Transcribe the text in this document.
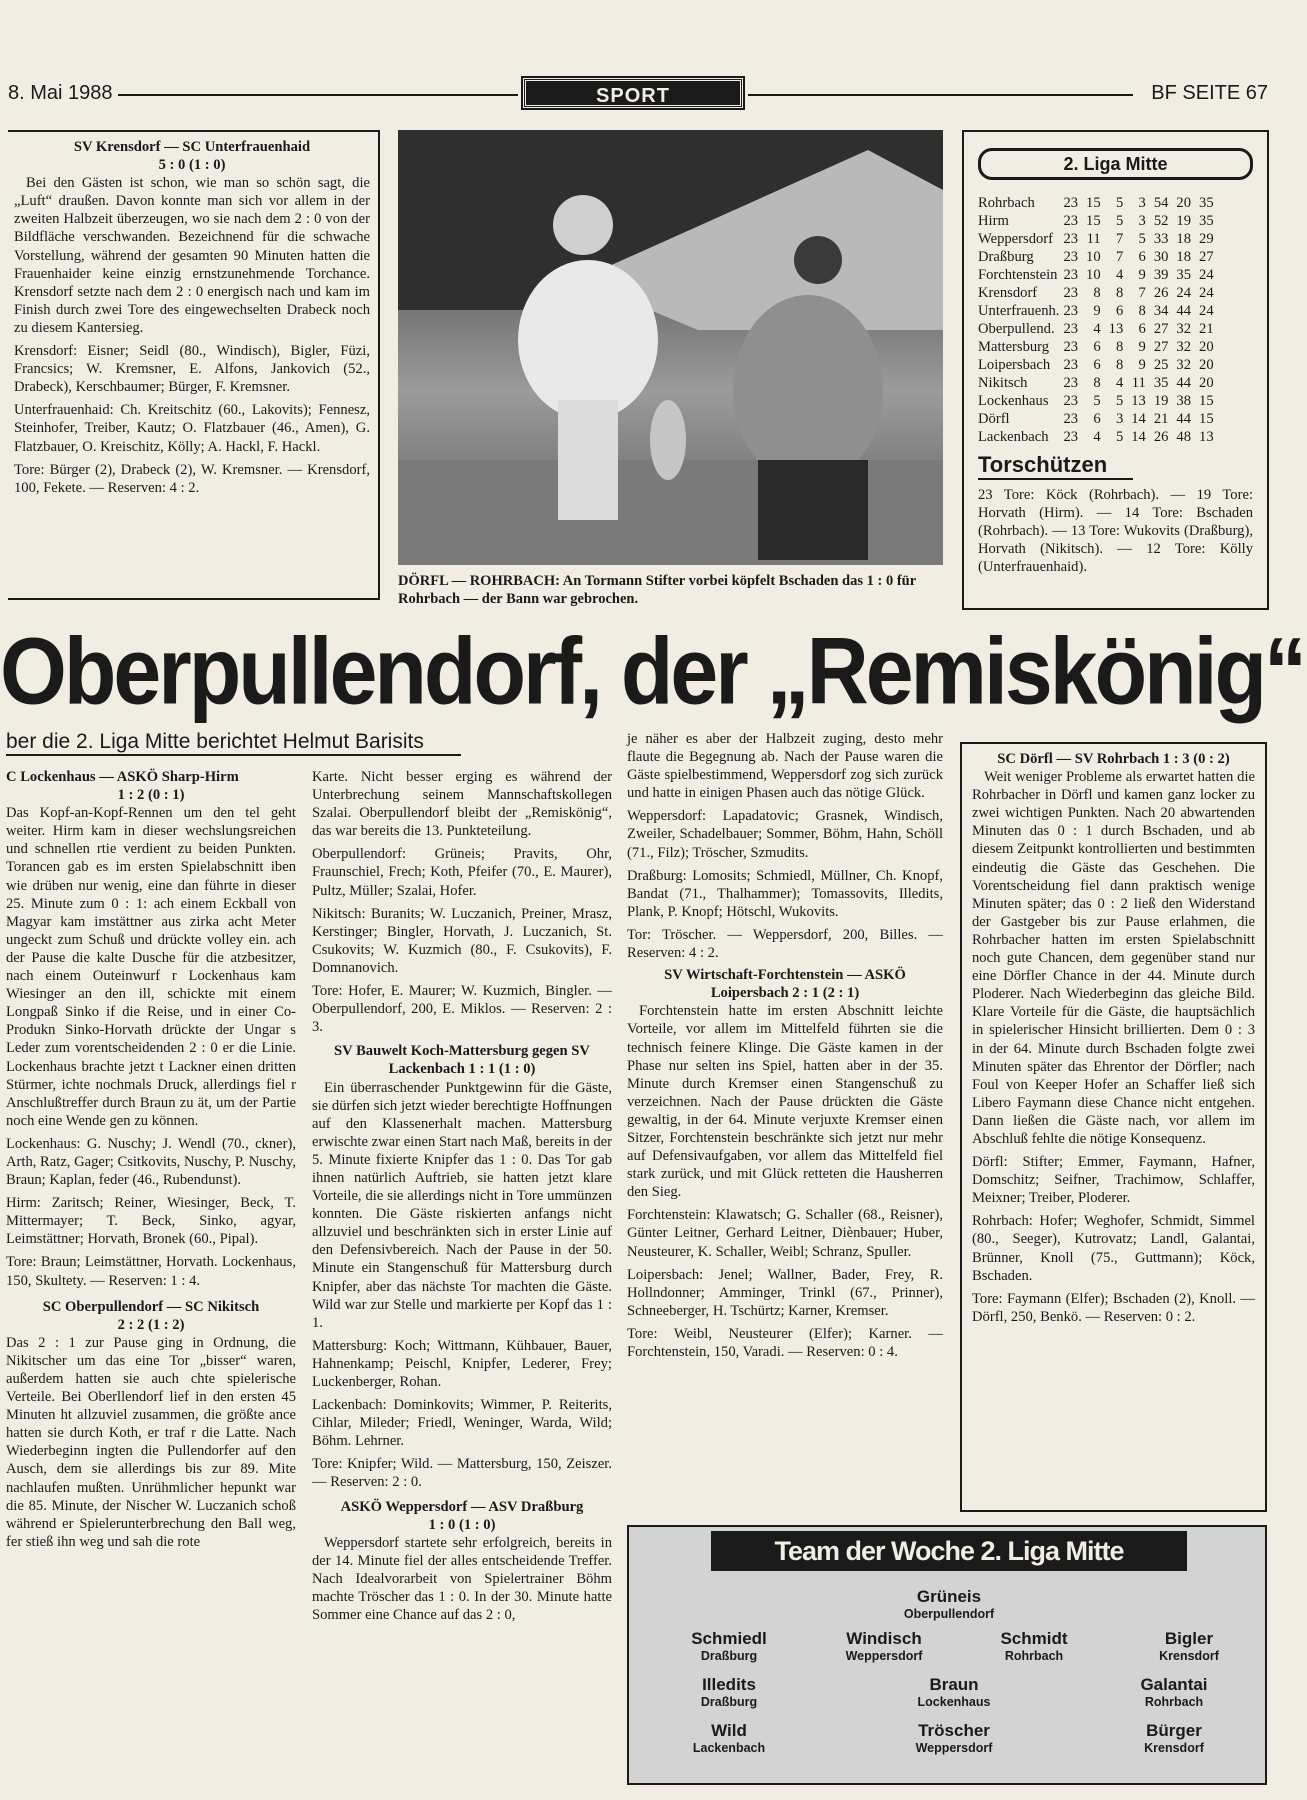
8. Mai 1988	SPORT	BF SEITE 67
SV Krensdorf — SC Unterfrauenhaid
5 : 0 (1 : 0)

Bei den Gästen ist schon, wie man so schön sagt, die „Luft“ draußen. Davon konnte man sich vor allem in der zweiten Halbzeit überzeugen, wo sie nach dem 2 : 0 von der Bildfläche verschwanden. Bezeichnend für die schwache Vorstellung, während der gesamten 90 Minuten hatten die Frauenhaider keine einzig ernstzunehmende Torchance. Krensdorf setzte nach dem 2 : 0 energisch nach und kam im Finish durch zwei Tore des eingewechselten Drabeck noch zu diesem Kantersieg.

Krensdorf: Eisner; Seidl (80., Windisch), Bigler, Füzi, Francsics; W. Kremsner, E. Alfons, Jankovich (52., Drabeck), Kerschbaumer; Bürger, F. Kremsner.

Unterfrauenhaid: Ch. Kreitschitz (60., Lakovits); Fennesz, Steinhofer, Treiber, Kautz; O. Flatzbauer (46., Amen), G. Flatzbauer, O. Kreischitz, Kölly; A. Hackl, F. Hackl.

Tore: Bürger (2), Drabeck (2), W. Kremsner. — Krensdorf, 100, Fekete. — Reserven: 4 : 2.

DÖRFL — ROHRBACH: An Tormann Stifter vorbei köpfelt Bschaden das 1 : 0 für Rohrbach — der Bann war gebrochen.
2. Liga Mitte
Rohrbach	23	15	5	3	54	20	35
Hirm	23	15	5	3	52	19	35
Weppersdorf	23	11	7	5	33	18	29
Draßburg	23	10	7	6	30	18	27
Forchtenstein	23	10	4	9	39	35	24
Krensdorf	23	8	8	7	26	24	24
Unterfrauenh.	23	9	6	8	34	44	24
Oberpullend.	23	4	13	6	27	32	21
Mattersburg	23	6	8	9	27	32	20
Loipersbach	23	6	8	9	25	32	20
Nikitsch	23	8	4	11	35	44	20
Lockenhaus	23	5	5	13	19	38	15
Dörfl	23	6	3	14	21	44	15
Lackenbach	23	4	5	14	26	48	13
Torschützen

23 Tore: Köck (Rohrbach). — 19 Tore: Horvath (Hirm). — 14 Tore: Bschaden (Rohrbach). — 13 Tore: Wukovits (Draßburg), Horvath (Nikitsch). — 12 Tore: Kölly (Unterfrauenhaid).

Oberpullendorf, der „Remiskönig“
ber die 2. Liga Mitte berichtet Helmut Barisits
C Lockenhaus — ASKÖ Sharp-Hirm
1 : 2 (0 : 1)

Das Kopf-an-Kopf-Rennen um den tel geht weiter. Hirm kam in dieser wechslungsreichen und schnellen rtie verdient zu beiden Punkten. Torancen gab es im ersten Spielabschnitt iben wie drüben nur wenig, eine dan führte in dieser 25. Minute zum 0 : 1: ach einem Eckball von Magyar kam imstättner aus zirka acht Meter ungeckt zum Schuß und drückte volley ein. ach der Pause die kalte Dusche für die atzbesitzer, nach einem Outeinwurf r Lockenhaus kam Wiesinger an den ill, schickte mit einem Longpaß Sinko if die Reise, und in einer Co-Produkn Sinko-Horvath drückte der Ungar s Leder zum vorentscheidenden 2 : 0 er die Linie. Lockenhaus brachte jetzt t Lackner einen dritten Stürmer, ichte nochmals Druck, allerdings fiel r Anschlußtreffer durch Braun zu ät, um der Partie noch eine Wende gen zu können.

Lockenhaus: G. Nuschy; J. Wendl (70., ckner), Arth, Ratz, Gager; Csitkovits, Nuschy, P. Nuschy, Braun; Kaplan, feder (46., Rubendunst).

Hirm: Zaritsch; Reiner, Wiesinger, Beck, T. Mittermayer; T. Beck, Sinko, agyar, Leimstättner; Horvath, Bronek (60., Pipal).

Tore: Braun; Leimstättner, Horvath. Lockenhaus, 150, Skultety. — Reserven: 1 : 4.

SC Oberpullendorf — SC Nikitsch
2 : 2 (1 : 2)

Das 2 : 1 zur Pause ging in Ordnung, die Nikitscher um das eine Tor „bisser“ waren, außerdem hatten sie auch chte spielerische Verteile. Bei Oberllendorf lief in den ersten 45 Minuten ht allzuviel zusammen, die größte ance hatten sie durch Koth, er traf r die Latte. Nach Wiederbeginn ingten die Pullendorfer auf den Ausch, dem sie allerdings bis zur 89. Mite nachlaufen mußten. Unrühmlicher hepunkt war die 85. Minute, der Nischer W. Luczanich schoß während er Spielerunterbrechung den Ball weg, fer stieß ihn weg und sah die rote

Karte. Nicht besser erging es während der Unterbrechung seinem Mannschaftskollegen Szalai. Oberpullendorf bleibt der „Remiskönig“, das war bereits die 13. Punkteteilung.

Oberpullendorf: Grüneis; Pravits, Ohr, Fraunschiel, Frech; Koth, Pfeifer (70., E. Maurer), Pultz, Müller; Szalai, Hofer.

Nikitsch: Buranits; W. Luczanich, Preiner, Mrasz, Kerstinger; Bingler, Horvath, J. Luczanich, St. Csukovits; W. Kuzmich (80., F. Csukovits), F. Domnanovich.

Tore: Hofer, E. Maurer; W. Kuzmich, Bingler. — Oberpullendorf, 200, E. Miklos. — Reserven: 2 : 3.

SV Bauwelt Koch-Mattersburg gegen SV Lackenbach 1 : 1 (1 : 0)

Ein überraschender Punktgewinn für die Gäste, sie dürfen sich jetzt wieder berechtigte Hoffnungen auf den Klassenerhalt machen. Mattersburg erwischte zwar einen Start nach Maß, bereits in der 5. Minute fixierte Knipfer das 1 : 0. Das Tor gab ihnen natürlich Auftrieb, sie hatten jetzt klare Vorteile, die sie allerdings nicht in Tore ummünzen konnten. Die Gäste riskierten anfangs nicht allzuviel und beschränkten sich in erster Linie auf den Defensivbereich. Nach der Pause in der 50. Minute ein Stangenschuß für Mattersburg durch Knipfer, aber das nächste Tor machten die Gäste. Wild war zur Stelle und markierte per Kopf das 1 : 1.

Mattersburg: Koch; Wittmann, Kühbauer, Bauer, Hahnenkamp; Peischl, Knipfer, Lederer, Frey; Luckenberger, Rohan.

Lackenbach: Dominkovits; Wimmer, P. Reiterits, Cihlar, Mileder; Friedl, Weninger, Warda, Wild; Böhm. Lehrner.

Tore: Knipfer; Wild. — Mattersburg, 150, Zeiszer. — Reserven: 2 : 0.

ASKÖ Weppersdorf — ASV Draßburg
1 : 0 (1 : 0)

Weppersdorf startete sehr erfolgreich, bereits in der 14. Minute fiel der alles entscheidende Treffer. Nach Idealvorarbeit von Spielertrainer Böhm machte Tröscher das 1 : 0. In der 30. Minute hatte Sommer eine Chance auf das 2 : 0,

je näher es aber der Halbzeit zuging, desto mehr flaute die Begegnung ab. Nach der Pause waren die Gäste spielbestimmend, Weppersdorf zog sich zurück und hatte in einigen Phasen auch das nötige Glück.

Weppersdorf: Lapadatovic; Grasnek, Windisch, Zweiler, Schadelbauer; Sommer, Böhm, Hahn, Schöll (71., Filz); Tröscher, Szmudits.

Draßburg: Lomosits; Schmiedl, Müllner, Ch. Knopf, Bandat (71., Thalhammer); Tomassovits, Illedits, Plank, P. Knopf; Hötschl, Wukovits.

Tor: Tröscher. — Weppersdorf, 200, Billes. — Reserven: 4 : 2.

SV Wirtschaft-Forchtenstein — ASKÖ Loipersbach 2 : 1 (2 : 1)

Forchtenstein hatte im ersten Abschnitt leichte Vorteile, vor allem im Mittelfeld führten sie die technisch feinere Klinge. Die Gäste kamen in der Phase nur selten ins Spiel, hatten aber in der 35. Minute durch Kremser einen Stangenschuß zu verzeichnen. Nach der Pause drückten die Gäste gewaltig, in der 64. Minute verjuxte Kremser einen Sitzer, Forchtenstein beschränkte sich jetzt nur mehr auf Defensivaufgaben, vor allem das Mittelfeld fiel stark zurück, und mit Glück retteten die Hausherren den Sieg.

Forchtenstein: Klawatsch; G. Schaller (68., Reisner), Günter Leitner, Gerhard Leitner, Diènbauer; Huber, Neusteurer, K. Schaller, Weibl; Schranz, Spuller.

Loipersbach: Jenel; Wallner, Bader, Frey, R. Hollndonner; Amminger, Trinkl (67., Prinner), Schneeberger, H. Tschürtz; Karner, Kremser.

Tore: Weibl, Neusteurer (Elfer); Karner. — Forchtenstein, 150, Varadi. — Reserven: 0 : 4.

SC Dörfl — SV Rohrbach 1 : 3 (0 : 2)

Weit weniger Probleme als erwartet hatten die Rohrbacher in Dörfl und kamen ganz locker zu zwei wichtigen Punkten. Nach 20 abwartenden Minuten das 0 : 1 durch Bschaden, und ab diesem Zeitpunkt kontrollierten und bestimmten eindeutig die Gäste das Geschehen. Die Vorentscheidung fiel dann praktisch wenige Minuten später; das 0 : 2 ließ den Widerstand der Gastgeber bis zur Pause erlahmen, die Rohrbacher hatten im ersten Spielabschnitt noch gute Chancen, dem gegenüber stand nur eine Dörfler Chance in der 44. Minute durch Ploderer. Nach Wiederbeginn das gleiche Bild. Klare Vorteile für die Gäste, die hauptsächlich in spielerischer Hinsicht brillierten. Dem 0 : 3 in der 64. Minute durch Bschaden folgte zwei Minuten später das Ehrentor der Dörfler; nach Foul von Keeper Hofer an Schaffer ließ sich Libero Faymann diese Chance nicht entgehen. Dann ließen die Gäste nach, vor allem im Abschluß fehlte die nötige Konsequenz.

Dörfl: Stifter; Emmer, Faymann, Hafner, Domschitz; Seifner, Trachimow, Schlaffer, Meixner; Treiber, Ploderer.

Rohrbach: Hofer; Weghofer, Schmidt, Simmel (80., Seeger), Kutrovatz; Landl, Galantai, Brünner, Knoll (75., Guttmann); Köck, Bschaden.

Tore: Faymann (Elfer); Bschaden (2), Knoll. — Dörfl, 250, Benkö. — Reserven: 0 : 2.

Team der Woche 2. Liga Mitte
Grüneis
Oberpullendorf
Schmiedl
Draßburg
Windisch
Weppersdorf
Schmidt
Rohrbach
Bigler
Krensdorf
Illedits
Draßburg
Braun
Lockenhaus
Galantai
Rohrbach
Wild
Lackenbach
Tröscher
Weppersdorf
Bürger
Krensdorf
